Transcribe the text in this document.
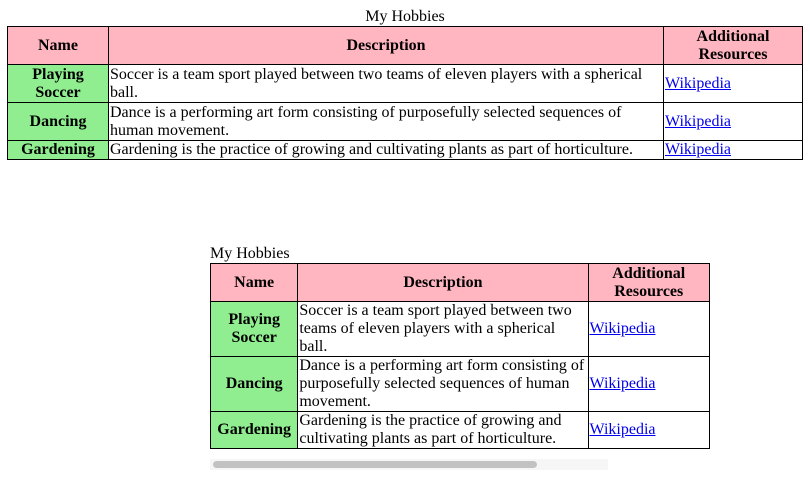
My Hobbies
Name	Description	Additional Resources
Playing Soccer	Soccer is a team sport played between two teams of eleven players with a spherical ball.	Wikipedia
Dancing	Dance is a performing art form consisting of purposefully selected sequences of human movement.	Wikipedia
Gardening	Gardening is the practice of growing and cultivating plants as part of horticulture.	Wikipedia
My Hobbies
Name	Description	Additional Resources
Playing Soccer	Soccer is a team sport played between two teams of eleven players with a spherical ball.	Wikipedia
Dancing	Dance is a performing art form consisting of purposefully selected sequences of human movement.	Wikipedia
Gardening	Gardening is the practice of growing and cultivating plants as part of horticulture.	Wikipedia
